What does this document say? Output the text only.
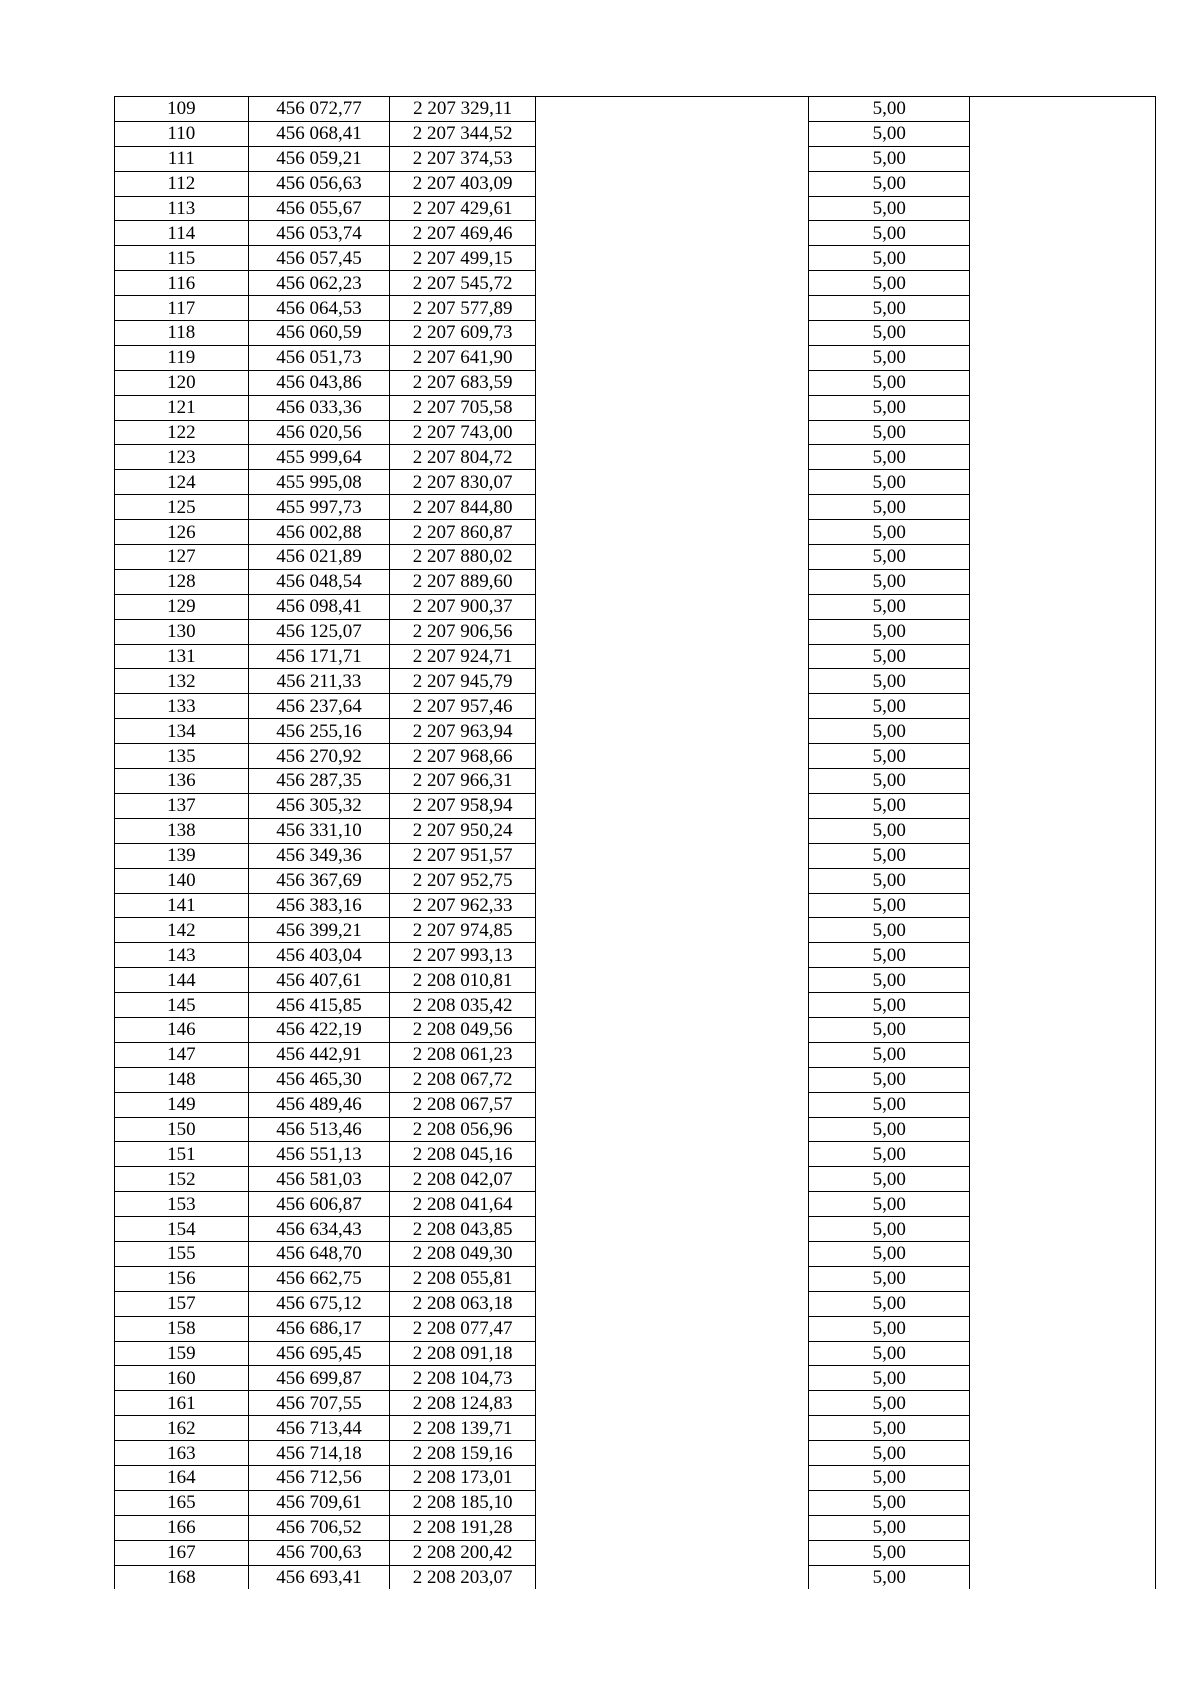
109	456 072,77	2 207 329,11		5,00	
110	456 068,41	2 207 344,52		5,00	
111	456 059,21	2 207 374,53		5,00	
112	456 056,63	2 207 403,09		5,00	
113	456 055,67	2 207 429,61		5,00	
114	456 053,74	2 207 469,46		5,00	
115	456 057,45	2 207 499,15		5,00	
116	456 062,23	2 207 545,72		5,00	
117	456 064,53	2 207 577,89		5,00	
118	456 060,59	2 207 609,73		5,00	
119	456 051,73	2 207 641,90		5,00	
120	456 043,86	2 207 683,59		5,00	
121	456 033,36	2 207 705,58		5,00	
122	456 020,56	2 207 743,00		5,00	
123	455 999,64	2 207 804,72		5,00	
124	455 995,08	2 207 830,07		5,00	
125	455 997,73	2 207 844,80		5,00	
126	456 002,88	2 207 860,87		5,00	
127	456 021,89	2 207 880,02		5,00	
128	456 048,54	2 207 889,60		5,00	
129	456 098,41	2 207 900,37		5,00	
130	456 125,07	2 207 906,56		5,00	
131	456 171,71	2 207 924,71		5,00	
132	456 211,33	2 207 945,79		5,00	
133	456 237,64	2 207 957,46		5,00	
134	456 255,16	2 207 963,94		5,00	
135	456 270,92	2 207 968,66		5,00	
136	456 287,35	2 207 966,31		5,00	
137	456 305,32	2 207 958,94		5,00	
138	456 331,10	2 207 950,24		5,00	
139	456 349,36	2 207 951,57		5,00	
140	456 367,69	2 207 952,75		5,00	
141	456 383,16	2 207 962,33		5,00	
142	456 399,21	2 207 974,85		5,00	
143	456 403,04	2 207 993,13		5,00	
144	456 407,61	2 208 010,81		5,00	
145	456 415,85	2 208 035,42		5,00	
146	456 422,19	2 208 049,56		5,00	
147	456 442,91	2 208 061,23		5,00	
148	456 465,30	2 208 067,72		5,00	
149	456 489,46	2 208 067,57		5,00	
150	456 513,46	2 208 056,96		5,00	
151	456 551,13	2 208 045,16		5,00	
152	456 581,03	2 208 042,07		5,00	
153	456 606,87	2 208 041,64		5,00	
154	456 634,43	2 208 043,85		5,00	
155	456 648,70	2 208 049,30		5,00	
156	456 662,75	2 208 055,81		5,00	
157	456 675,12	2 208 063,18		5,00	
158	456 686,17	2 208 077,47		5,00	
159	456 695,45	2 208 091,18		5,00	
160	456 699,87	2 208 104,73		5,00	
161	456 707,55	2 208 124,83		5,00	
162	456 713,44	2 208 139,71		5,00	
163	456 714,18	2 208 159,16		5,00	
164	456 712,56	2 208 173,01		5,00	
165	456 709,61	2 208 185,10		5,00	
166	456 706,52	2 208 191,28		5,00	
167	456 700,63	2 208 200,42		5,00	
168	456 693,41	2 208 203,07		5,00	
